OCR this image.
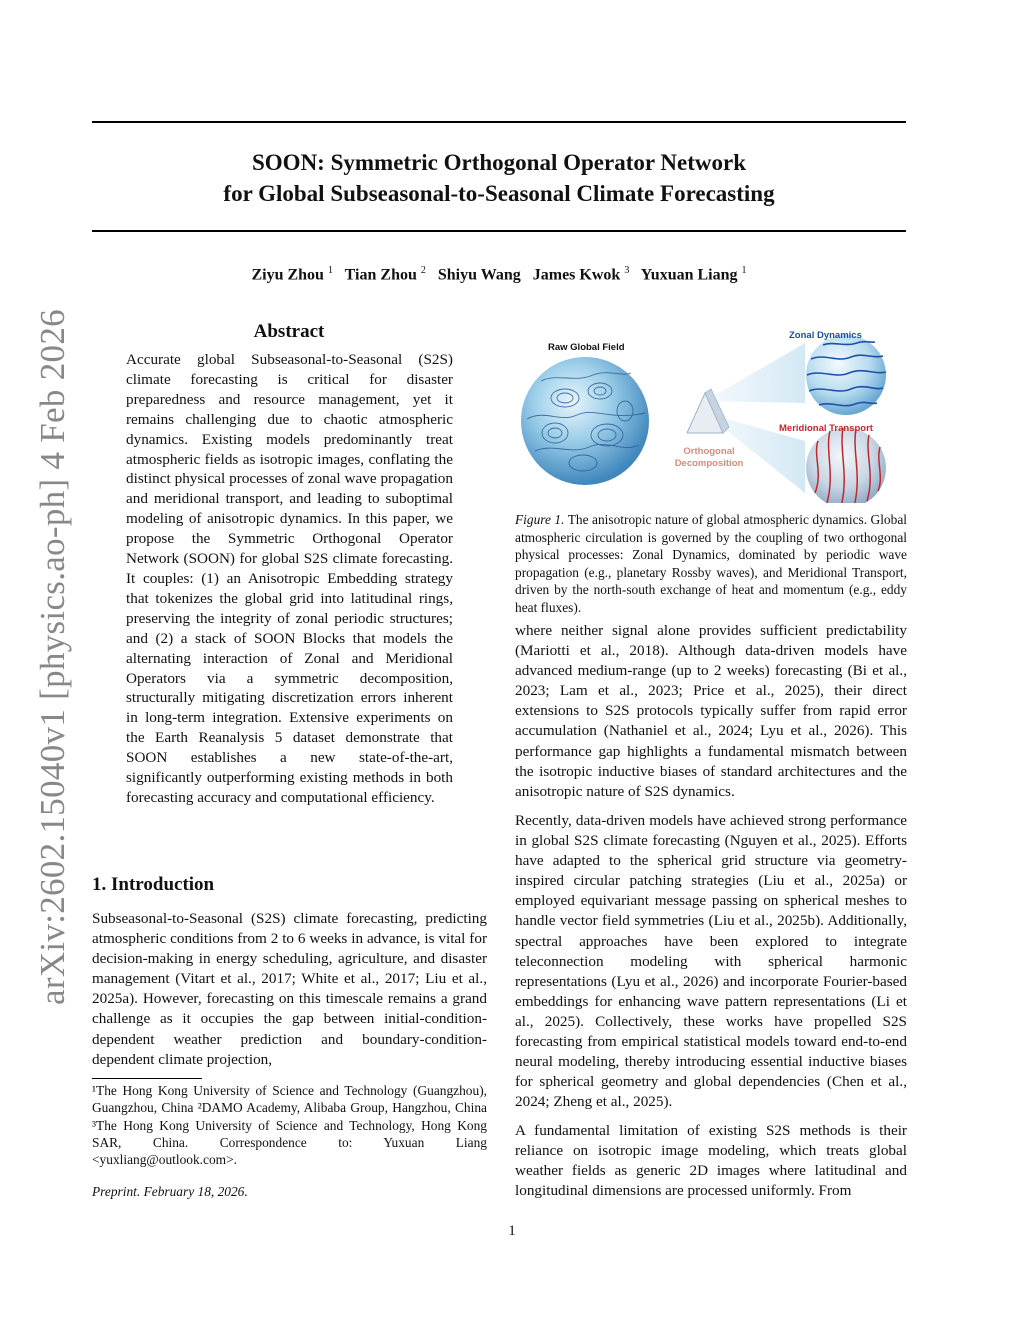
SOON: Symmetric Orthogonal Operator Network
for Global Subseasonal-to-Seasonal Climate Forecasting
Ziyu Zhou $^1$ Tian Zhou $^2$ Shiyu Wang James Kwok $^3$ Yuxuan Liang $^1$
arXiv:2602.15040v1 [physics.ao-ph] 4 Feb 2026	Abstract

Accurate global Subseasonal-to-Seasonal (S2S) climate forecasting is critical for disaster preparedness and resource management, yet it remains challenging due to chaotic atmospheric dynamics. Existing models predominantly treat atmospheric fields as isotropic images, conflating the distinct physical processes of zonal wave propagation and meridional transport, and leading to suboptimal modeling of anisotropic dynamics. In this paper, we propose the Symmetric Orthogonal Operator Network (SOON) for global S2S climate forecasting. It couples: (1) an Anisotropic Embedding strategy that tokenizes the global grid into latitudinal rings, preserving the integrity of zonal periodic structures; and (2) a stack of SOON Blocks that models the alternating interaction of Zonal and Meridional Operators via a symmetric decomposition, structurally mitigating discretization errors inherent in long-term integration. Extensive experiments on the Earth Reanalysis 5 dataset demonstrate that SOON establishes a new state-of-the-art, significantly outperforming existing methods in both forecasting accuracy and computational efficiency.

1. Introduction

Subseasonal-to-Seasonal (S2S) climate forecasting, predicting atmospheric conditions from 2 to 6 weeks in advance, is vital for decision-making in energy scheduling, agriculture, and disaster management (Vitart et al., 2017; White et al., 2017; Liu et al., 2025a). However, forecasting on this timescale remains a grand challenge as it occupies the gap between initial-condition-dependent weather prediction and boundary-condition-dependent climate projection,

¹The Hong Kong University of Science and Technology (Guangzhou), Guangzhou, China ²DAMO Academy, Alibaba Group, Hangzhou, China ³The Hong Kong University of Science and Technology, Hong Kong SAR, China. Correspondence to: Yuxuan Liang <yuxliang@outlook.com>.
Preprint. February 18, 2026.
Raw Global Field
Zonal Dynamics
Meridional Transport
Orthogonal
Decomposition
Figure 1. The anisotropic nature of global atmospheric dynamics. Global atmospheric circulation is governed by the coupling of two orthogonal physical processes: Zonal Dynamics, dominated by periodic wave propagation (e.g., planetary Rossby waves), and Meridional Transport, driven by the north-south exchange of heat and momentum (e.g., eddy heat fluxes).

where neither signal alone provides sufficient predictability (Mariotti et al., 2018). Although data-driven models have advanced medium-range (up to 2 weeks) forecasting (Bi et al., 2023; Lam et al., 2023; Price et al., 2025), their direct extensions to S2S protocols typically suffer from rapid error accumulation (Nathaniel et al., 2024; Lyu et al., 2026). This performance gap highlights a fundamental mismatch between the isotropic inductive biases of standard architectures and the anisotropic nature of S2S dynamics.

Recently, data-driven models have achieved strong performance in global S2S climate forecasting (Nguyen et al., 2025). Efforts have adapted to the spherical grid structure via geometry-inspired circular patching strategies (Liu et al., 2025a) or employed equivariant message passing on spherical meshes to handle vector field symmetries (Liu et al., 2025b). Additionally, spectral approaches have been explored to integrate teleconnection modeling with spherical harmonic representations (Lyu et al., 2026) and incorporate Fourier-based embeddings for enhancing wave pattern representations (Li et al., 2025). Collectively, these works have propelled S2S forecasting from empirical statistical models toward end-to-end neural modeling, thereby introducing essential inductive biases for spherical geometry and global dependencies (Chen et al., 2024; Zheng et al., 2025).

A fundamental limitation of existing S2S methods is their reliance on isotropic image modeling, which treats global weather fields as generic 2D images where latitudinal and longitudinal dimensions are processed uniformly. From

1
